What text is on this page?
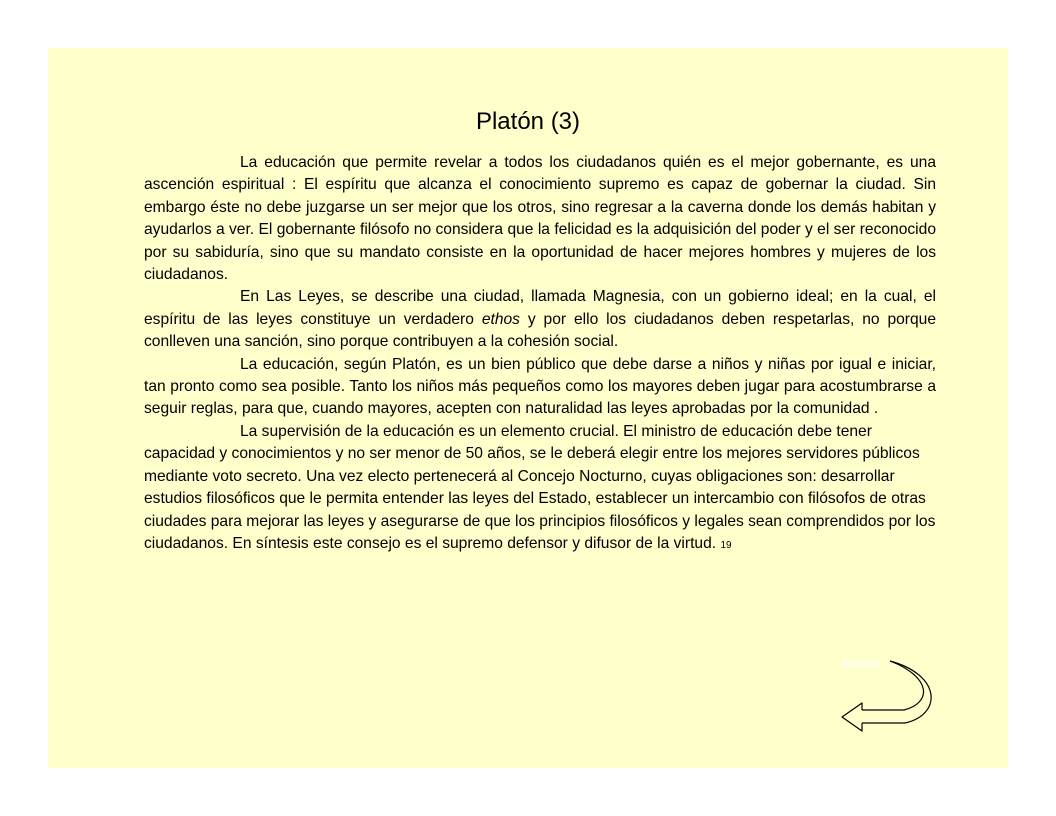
Platón (3)

La educación que permite revelar a todos los ciudadanos quién es el mejor gobernante, es una ascención espiritual : El espíritu que alcanza el conocimiento supremo es capaz de gobernar la ciudad. Sin embargo éste no debe juzgarse un ser mejor que los otros, sino regresar a la caverna donde los demás habitan y ayudarlos a ver. El gobernante filósofo no considera que la felicidad es la adquisición del poder y el ser reconocido por su sabiduría, sino que su mandato consiste en la oportunidad de hacer mejores hombres y mujeres de los ciudadanos.

En Las Leyes, se describe una ciudad, llamada Magnesia, con un gobierno ideal; en la cual, el espíritu de las leyes constituye un verdadero ethos y por ello los ciudadanos deben respetarlas, no porque conlleven una sanción, sino porque contribuyen a la cohesión social.

La educación, según Platón, es un bien público que debe darse a niños y niñas por igual e iniciar, tan pronto como sea posible. Tanto los niños más pequeños como los mayores deben jugar para acostumbrarse a seguir reglas, para que, cuando mayores, acepten con naturalidad las leyes aprobadas por la comunidad .

La supervisión de la educación es un elemento crucial. El ministro de educación debe tener capacidad y conocimientos y no ser menor de 50 años, se le deberá elegir entre los mejores servidores públicos mediante voto secreto. Una vez electo pertenecerá al Concejo Nocturno, cuyas obligaciones son: desarrollar estudios filosóficos que le permita entender las leyes del Estado, establecer un intercambio con filósofos de otras ciudades para mejorar las leyes y asegurarse de que los principios filosóficos y legales sean comprendidos por los ciudadanos. En síntesis este consejo es el supremo defensor y difusor de la virtud. 19

Regreso
